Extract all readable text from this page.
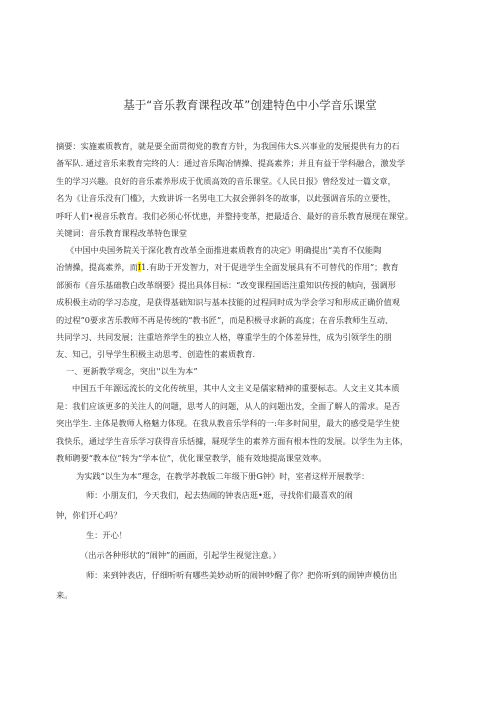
基于“音乐教育课程改革”创建特色中小学音乐课堂
摘要：实施素质教育，就是要全面贯彻党的教育方针，为我国伟大S.兴事业的发展提供有力的石
备军队. 通过音乐来教育完终的人：通过音乐陶冶情操、提高素养；并且有益于学科融合，激发学
生的学习兴趣。良好的音乐素养形成于优质高效的音乐课堂。《人民日报》曾经发过一篇文章，
名为《让音乐没有门槛》，大致讲诉一名男电工大叔会弹斜冬的故事，以此强调音乐的立要性，
呼吁人们•视音乐教育。我们必须心怀忧患，并整持变革，把最适合、最好的音乐教育展现在课堂。
关键词：音乐教育课程改革特色课堂
《中国中央国务院关于深化教育改革全面推进素质教育的决定》明确提出“美育不仅能陶
冶情操，提高素养，而I1.有助于开发智力，对于促进学生全面发展具有不可替代的作用”；教育
部颁布《音乐基础教白改革纲要》提出具体目标：“改变课程国语注重知识传授的帧向，强调形
成积极主动的学习态度，是获得基础知识与基本技能的过程同时成为学会学习和形成正确价值观
的过程”0要求苫乐教师不再是传统的“教书匠”，而是积极寻求新的高度；在音乐教师生互动、
共同学习、共同发展；注重培养学生的独立人格，尊重学生的个体差异性，成为引领学生的朋
友、知己，引导学生积极主动思考、创造性的素质教育.
一、更新教学观念，突出''以生为本”
中国五千年源远流长的文化传统里，其中人文主义是儒家精神的重要标志。人文主义其本质
是：我们应该更多的关注人的问题，思考人的问题，从人的问题出发，全面了解人的需求。是否
突出学生. 主体是教师人格魅力体现。在我从教音乐学科的一:年多时间里，最大的感受是学生使
我快乐，通过学生音乐学习获得音乐恬據，屣现学生的素养方面有根本性的发展。以学生为主体，
教师聘要“教本位”转为“学本位”，优化课堂教学，能有效地提高课堂效率。
为实践“以生为本”理念，在教学苏教版二年级下册G钟》时，室者这样开展教学：
师：小朋友们，今天我们，起去热闹的钟表店逛•逛，寻找你们最喜欢的闹
钟，你们开心吗？
生：开心！
（出示各种形状的“闹钟”的画面，引起学生视觉注意。）
师：来到钟表店，仔细听听有哪些美妙动听的闹钟吵醒了你？把你听到的闹钟声模仿出
来。
